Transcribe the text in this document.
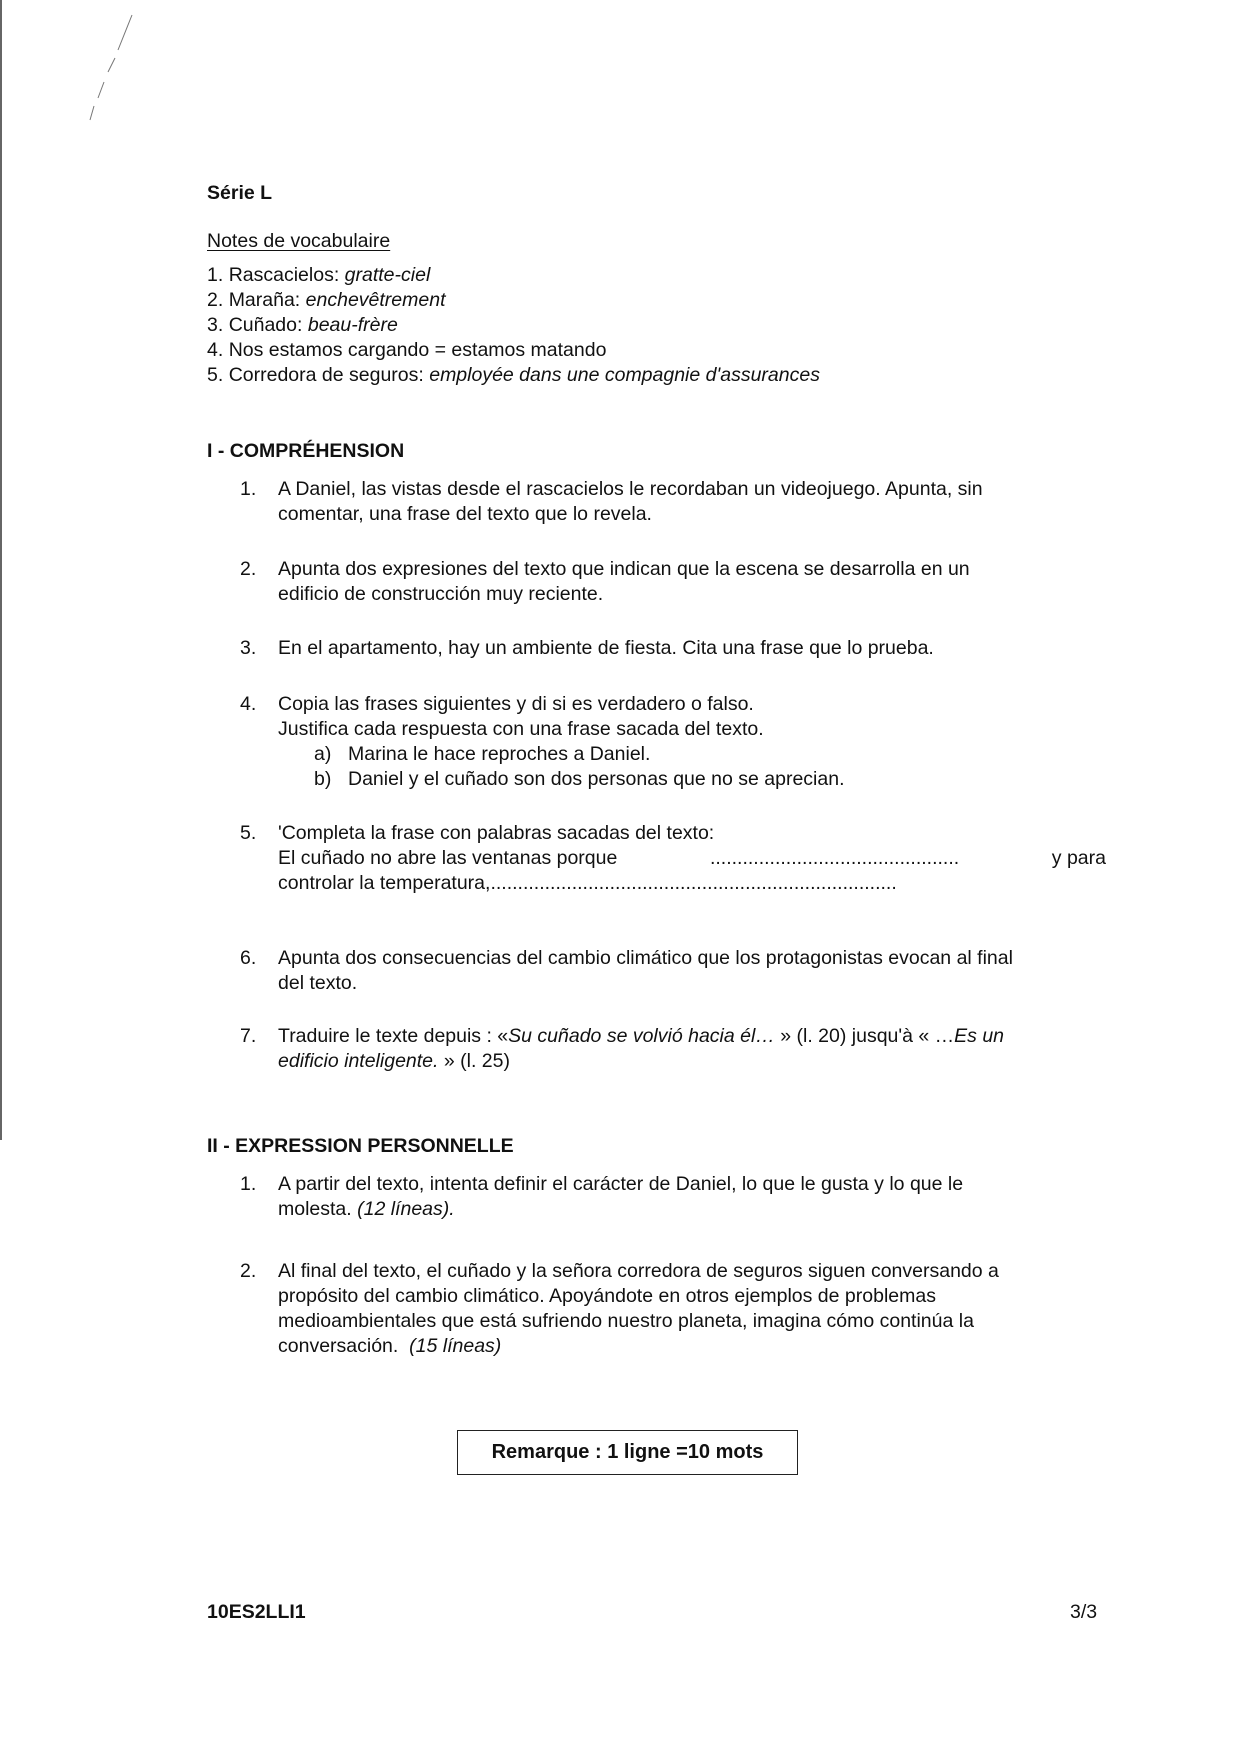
Série L
Notes de vocabulaire
1. Rascacielos: gratte-ciel
2. Maraña: enchevêtrement
3. Cuñado: beau-frère
4. Nos estamos cargando = estamos matando
5. Corredora de seguros: employée dans une compagnie d'assurances
I - COMPRÉHENSION
1.	A Daniel, las vistas desde el rascacielos le recordaban un videojuego. Apunta, sin
comentar, una frase del texto que lo revela.
2.	Apunta dos expresiones del texto que indican que la escena se desarrolla en un
edificio de construcción muy reciente.
3.	En el apartamento, hay un ambiente de fiesta. Cita una frase que lo prueba.
4.	Copia las frases siguientes y di si es verdadero o falso.
Justifica cada respuesta con una frase sacada del texto.
a) Marina le hace reproches a Daniel.
b) Daniel y el cuñado son dos personas que no se aprecian.
5.	'Completa la frase con palabras sacadas del texto:
El cuñado no abre las ventanas porque	..............................................	y para
controlar la temperatura,...........................................................................
6.	Apunta dos consecuencias del cambio climático que los protagonistas evocan al final
del texto.
7.	Traduire le texte depuis : «Su cuñado se volvió hacia él… » (l. 20) jusqu'à « …Es un
edificio inteligente. » (l. 25)
II - EXPRESSION PERSONNELLE
1.	A partir del texto, intenta definir el carácter de Daniel, lo que le gusta y lo que le
molesta. (12 líneas).
2.	Al final del texto, el cuñado y la señora corredora de seguros siguen conversando a
propósito del cambio climático. Apoyándote en otros ejemplos de problemas
medioambientales que está sufriendo nuestro planeta, imagina cómo continúa la
conversación.  (15 líneas)
Remarque : 1 ligne =10 mots
10ES2LLI1	3/3
